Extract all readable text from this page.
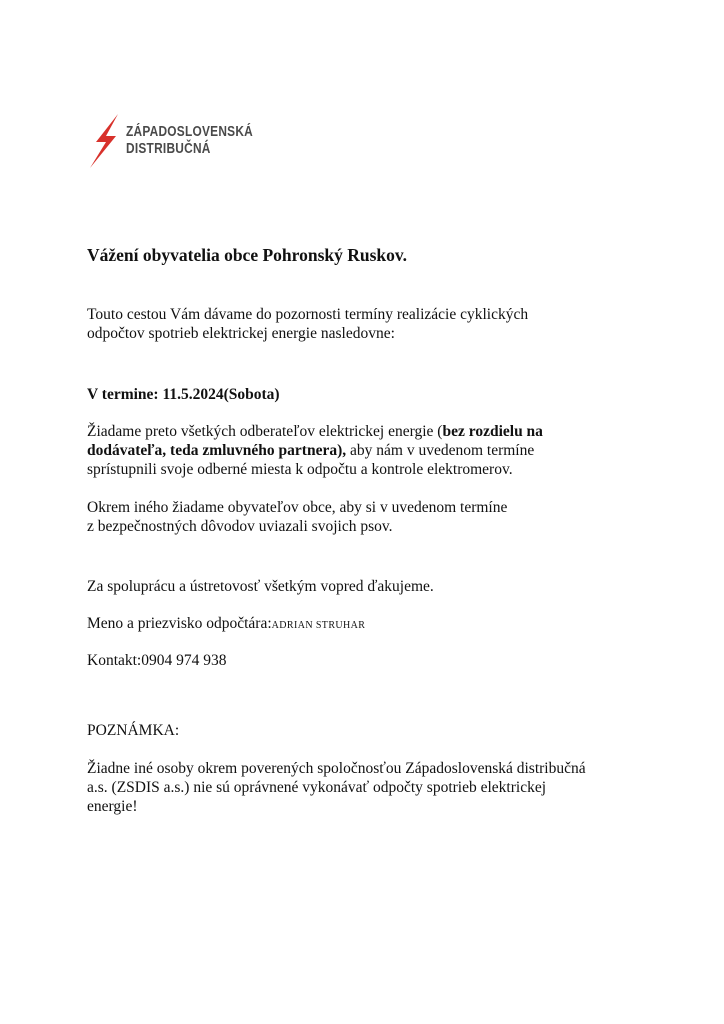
ZÁPADOSLOVENSKÁ
DISTRIBUČNÁ
Vážení obyvatelia obce Pohronský Ruskov.
Touto cestou Vám dávame do pozornosti termíny realizácie cyklických
odpočtov spotrieb elektrickej energie nasledovne:
V termine: 11.5.2024(Sobota)
Žiadame preto všetkých odberateľov elektrickej energie (bez rozdielu na
dodávateľa, teda zmluvného partnera), aby nám v uvedenom termíne
sprístupnili svoje odberné miesta k odpočtu a kontrole elektromerov.
Okrem iného žiadame obyvateľov obce, aby si v uvedenom termíne
z bezpečnostných dôvodov uviazali svojich psov.
Za spoluprácu a ústretovosť všetkým vopred ďakujeme.
Meno a priezvisko odpočtára:ADRIAN STRUHAR
Kontakt:0904 974 938
POZNÁMKA:
Žiadne iné osoby okrem poverených spoločnosťou Západoslovenská distribučná
a.s. (ZSDIS a.s.) nie sú oprávnené vykonávať odpočty spotrieb elektrickej
energie!
